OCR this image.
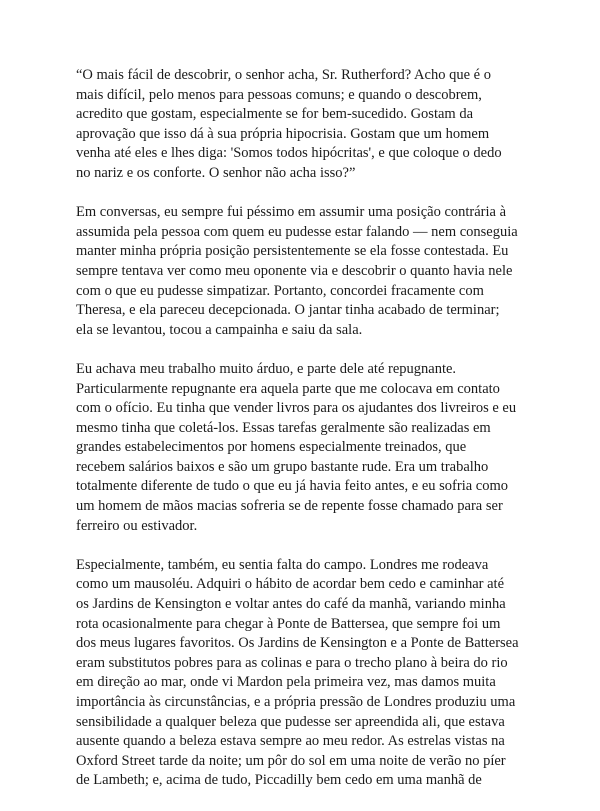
“O mais fácil de descobrir, o senhor acha, Sr. Rutherford? Acho que é o
mais difícil, pelo menos para pessoas comuns; e quando o descobrem,
acredito que gostam, especialmente se for bem-sucedido. Gostam da
aprovação que isso dá à sua própria hipocrisia. Gostam que um homem
venha até eles e lhes diga: 'Somos todos hipócritas', e que coloque o dedo
no nariz e os conforte. O senhor não acha isso?”

Em conversas, eu sempre fui péssimo em assumir uma posição contrária à
assumida pela pessoa com quem eu pudesse estar falando — nem conseguia
manter minha própria posição persistentemente se ela fosse contestada. Eu
sempre tentava ver como meu oponente via e descobrir o quanto havia nele
com o que eu pudesse simpatizar. Portanto, concordei fracamente com
Theresa, e ela pareceu decepcionada. O jantar tinha acabado de terminar;
ela se levantou, tocou a campainha e saiu da sala.

Eu achava meu trabalho muito árduo, e parte dele até repugnante.
Particularmente repugnante era aquela parte que me colocava em contato
com o ofício. Eu tinha que vender livros para os ajudantes dos livreiros e eu
mesmo tinha que coletá-los. Essas tarefas geralmente são realizadas em
grandes estabelecimentos por homens especialmente treinados, que
recebem salários baixos e são um grupo bastante rude. Era um trabalho
totalmente diferente de tudo o que eu já havia feito antes, e eu sofria como
um homem de mãos macias sofreria se de repente fosse chamado para ser
ferreiro ou estivador.

Especialmente, também, eu sentia falta do campo. Londres me rodeava
como um mausoléu. Adquiri o hábito de acordar bem cedo e caminhar até
os Jardins de Kensington e voltar antes do café da manhã, variando minha
rota ocasionalmente para chegar à Ponte de Battersea, que sempre foi um
dos meus lugares favoritos. Os Jardins de Kensington e a Ponte de Battersea
eram substitutos pobres para as colinas e para o trecho plano à beira do rio
em direção ao mar, onde vi Mardon pela primeira vez, mas damos muita
importância às circunstâncias, e a própria pressão de Londres produziu uma
sensibilidade a qualquer beleza que pudesse ser apreendida ali, que estava
ausente quando a beleza estava sempre ao meu redor. As estrelas vistas na
Oxford Street tarde da noite; um pôr do sol em uma noite de verão no píer
de Lambeth; e, acima de tudo, Piccadilly bem cedo em uma manhã de
